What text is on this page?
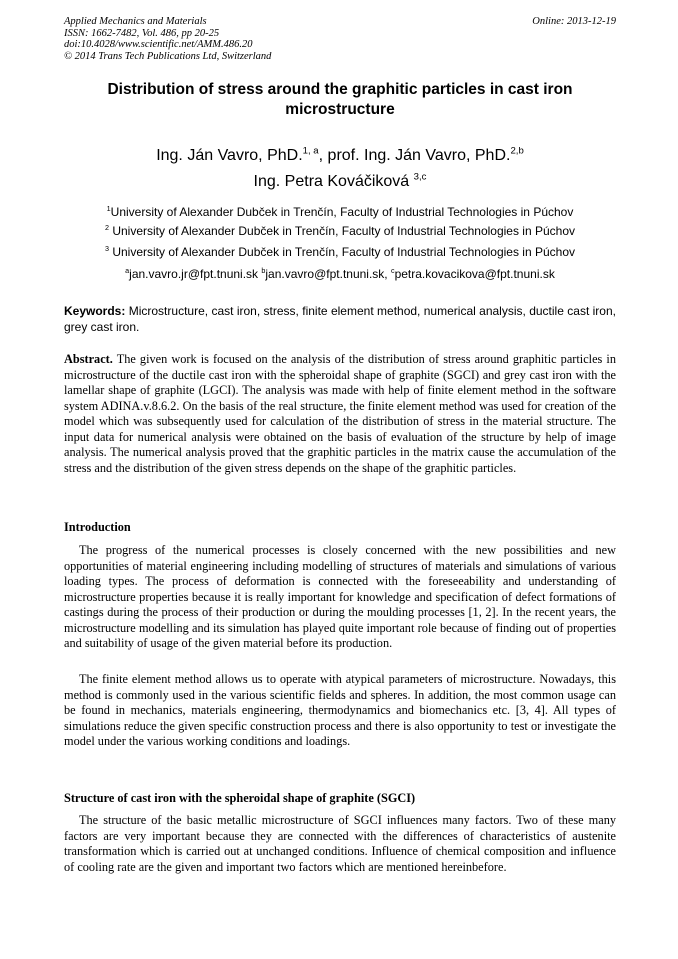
Applied Mechanics and Materials
ISSN: 1662-7482, Vol. 486, pp 20-25
doi:10.4028/www.scientific.net/AMM.486.20
© 2014 Trans Tech Publications Ltd, Switzerland
Online: 2013-12-19
Distribution of stress around the graphitic particles in cast iron
microstructure
Ing. Ján Vavro, PhD.$^{1, a}$, prof. Ing. Ján Vavro, PhD.$^{2,b}$
Ing. Petra Kováčiková $^{3,c}$
$^1$University of Alexander Dubček in Trenčín, Faculty of Industrial Technologies in Púchov
$^2$ University of Alexander Dubček in Trenčín, Faculty of Industrial Technologies in Púchov
$^3$ University of Alexander Dubček in Trenčín, Faculty of Industrial Technologies in Púchov
$^a$jan.vavro.jr@fpt.tnuni.sk $^b$jan.vavro@fpt.tnuni.sk, $^c$petra.kovacikova@fpt.tnuni.sk
Keywords: Microstructure, cast iron, stress, finite element method, numerical analysis, ductile cast iron, grey cast iron.
Abstract. The given work is focused on the analysis of the distribution of stress around graphitic particles in microstructure of the ductile cast iron with the spheroidal shape of graphite (SGCI) and grey cast iron with the lamellar shape of graphite (LGCI). The analysis was made with help of finite element method in the software system ADINA.v.8.6.2. On the basis of the real structure, the finite element method was used for creation of the model which was subsequently used for calculation of the distribution of stress in the material structure. The input data for numerical analysis were obtained on the basis of evaluation of the structure by help of image analysis. The numerical analysis proved that the graphitic particles in the matrix cause the accumulation of the stress and the distribution of the given stress depends on the shape of the graphitic particles.
Introduction
The progress of the numerical processes is closely concerned with the new possibilities and new opportunities of material engineering including modelling of structures of materials and simulations of various loading types. The process of deformation is connected with the foreseeability and understanding of microstructure properties because it is really important for knowledge and specification of defect formations of castings during the process of their production or during the moulding processes [1, 2]. In the recent years, the microstructure modelling and its simulation has played quite important role because of finding out of properties and suitability of usage of the given material before its production.
The finite element method allows us to operate with atypical parameters of microstructure. Nowadays, this method is commonly used in the various scientific fields and spheres. In addition, the most common usage can be found in mechanics, materials engineering, thermodynamics and biomechanics etc. [3, 4]. All types of simulations reduce the given specific construction process and there is also opportunity to test or investigate the model under the various working conditions and loadings.
Structure of cast iron with the spheroidal shape of graphite (SGCI)
The structure of the basic metallic microstructure of SGCI influences many factors. Two of these many factors are very important because they are connected with the differences of characteristics of austenite transformation which is carried out at unchanged conditions. Influence of chemical composition and influence of cooling rate are the given and important two factors which are mentioned hereinbefore.
